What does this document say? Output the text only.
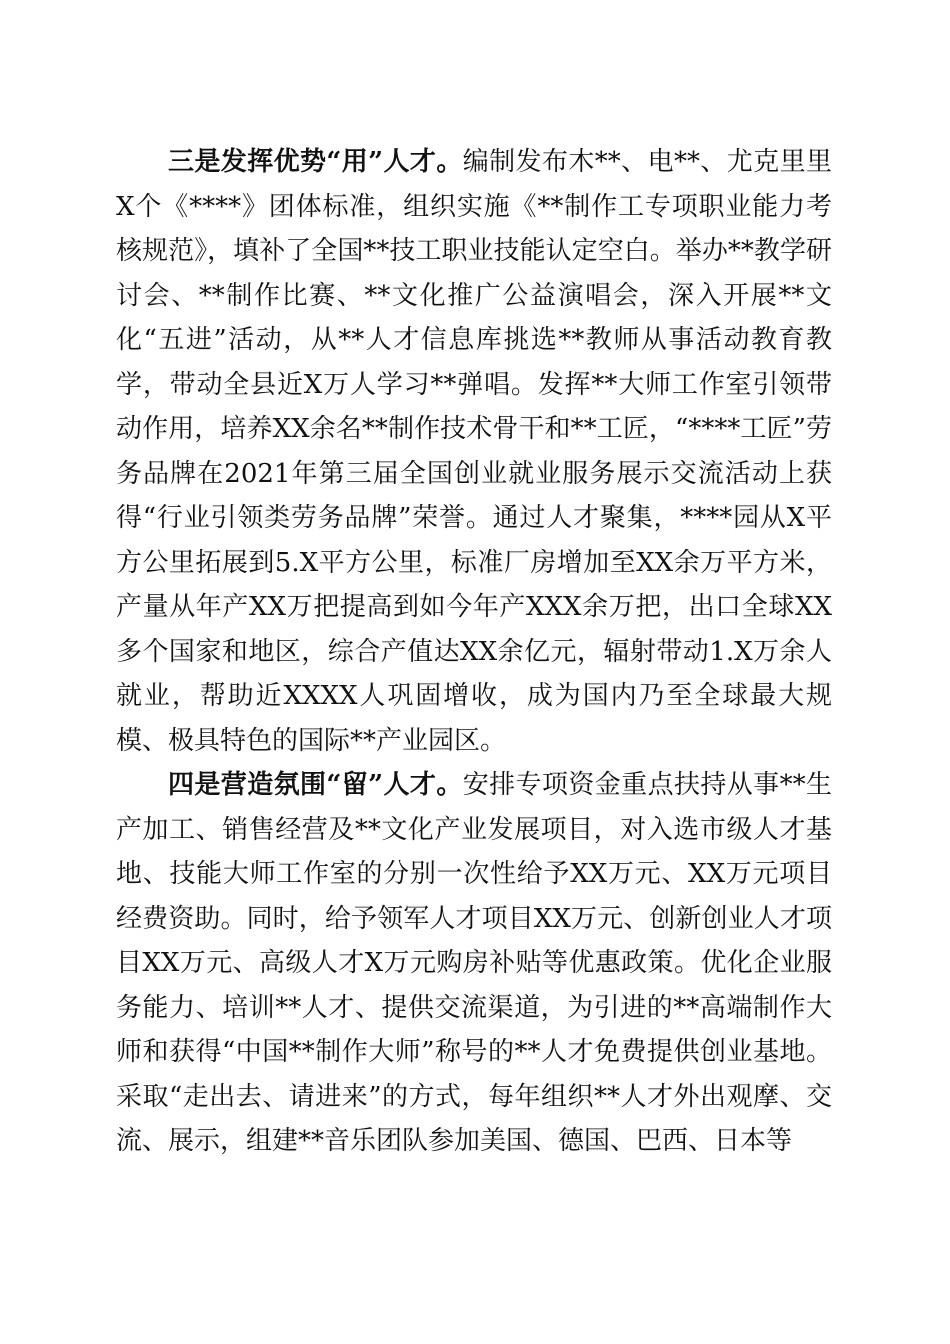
三是发挥优势“用”人才。编制发布木**、电**、尤克里里X个《****》团体标准，组织实施《**制作工专项职业能力考核规范》，填补了全国**技工职业技能认定空白。举办**教学研讨会、**制作比赛、**文化推广公益演唱会，深入开展**文化“五进”活动，从**人才信息库挑选**教师从事活动教育教学，带动全县近X万人学习**弹唱。发挥**大师工作室引领带动作用，培养XX余名**制作技术骨干和**工匠，“****工匠”劳务品牌在2021年第三届全国创业就业服务展示交流活动上获得“行业引领类劳务品牌”荣誉。通过人才聚集，****园从X平方公里拓展到5.X平方公里，标准厂房增加至XX余万平方米，产量从年产XX万把提高到如今年产XXX余万把，出口全球XX多个国家和地区，综合产值达XX余亿元，辐射带动1.X万余人就业，帮助近XXXX人巩固增收，成为国内乃至全球最大规模、极具特色的国际**产业园区。

四是营造氛围“留”人才。安排专项资金重点扶持从事**生产加工、销售经营及**文化产业发展项目，对入选市级人才基地、技能大师工作室的分别一次性给予XX万元、XX万元项目经费资助。同时，给予领军人才项目XX万元、创新创业人才项目XX万元、高级人才X万元购房补贴等优惠政策。优化企业服务能力、培训**人才、提供交流渠道，为引进的**高端制作大师和获得“中国**制作大师”称号的**人才免费提供创业基地。采取“走出去、请进来”的方式，每年组织**人才外出观摩、交流、展示，组建**音乐团队参加美国、德国、巴西、日本等
